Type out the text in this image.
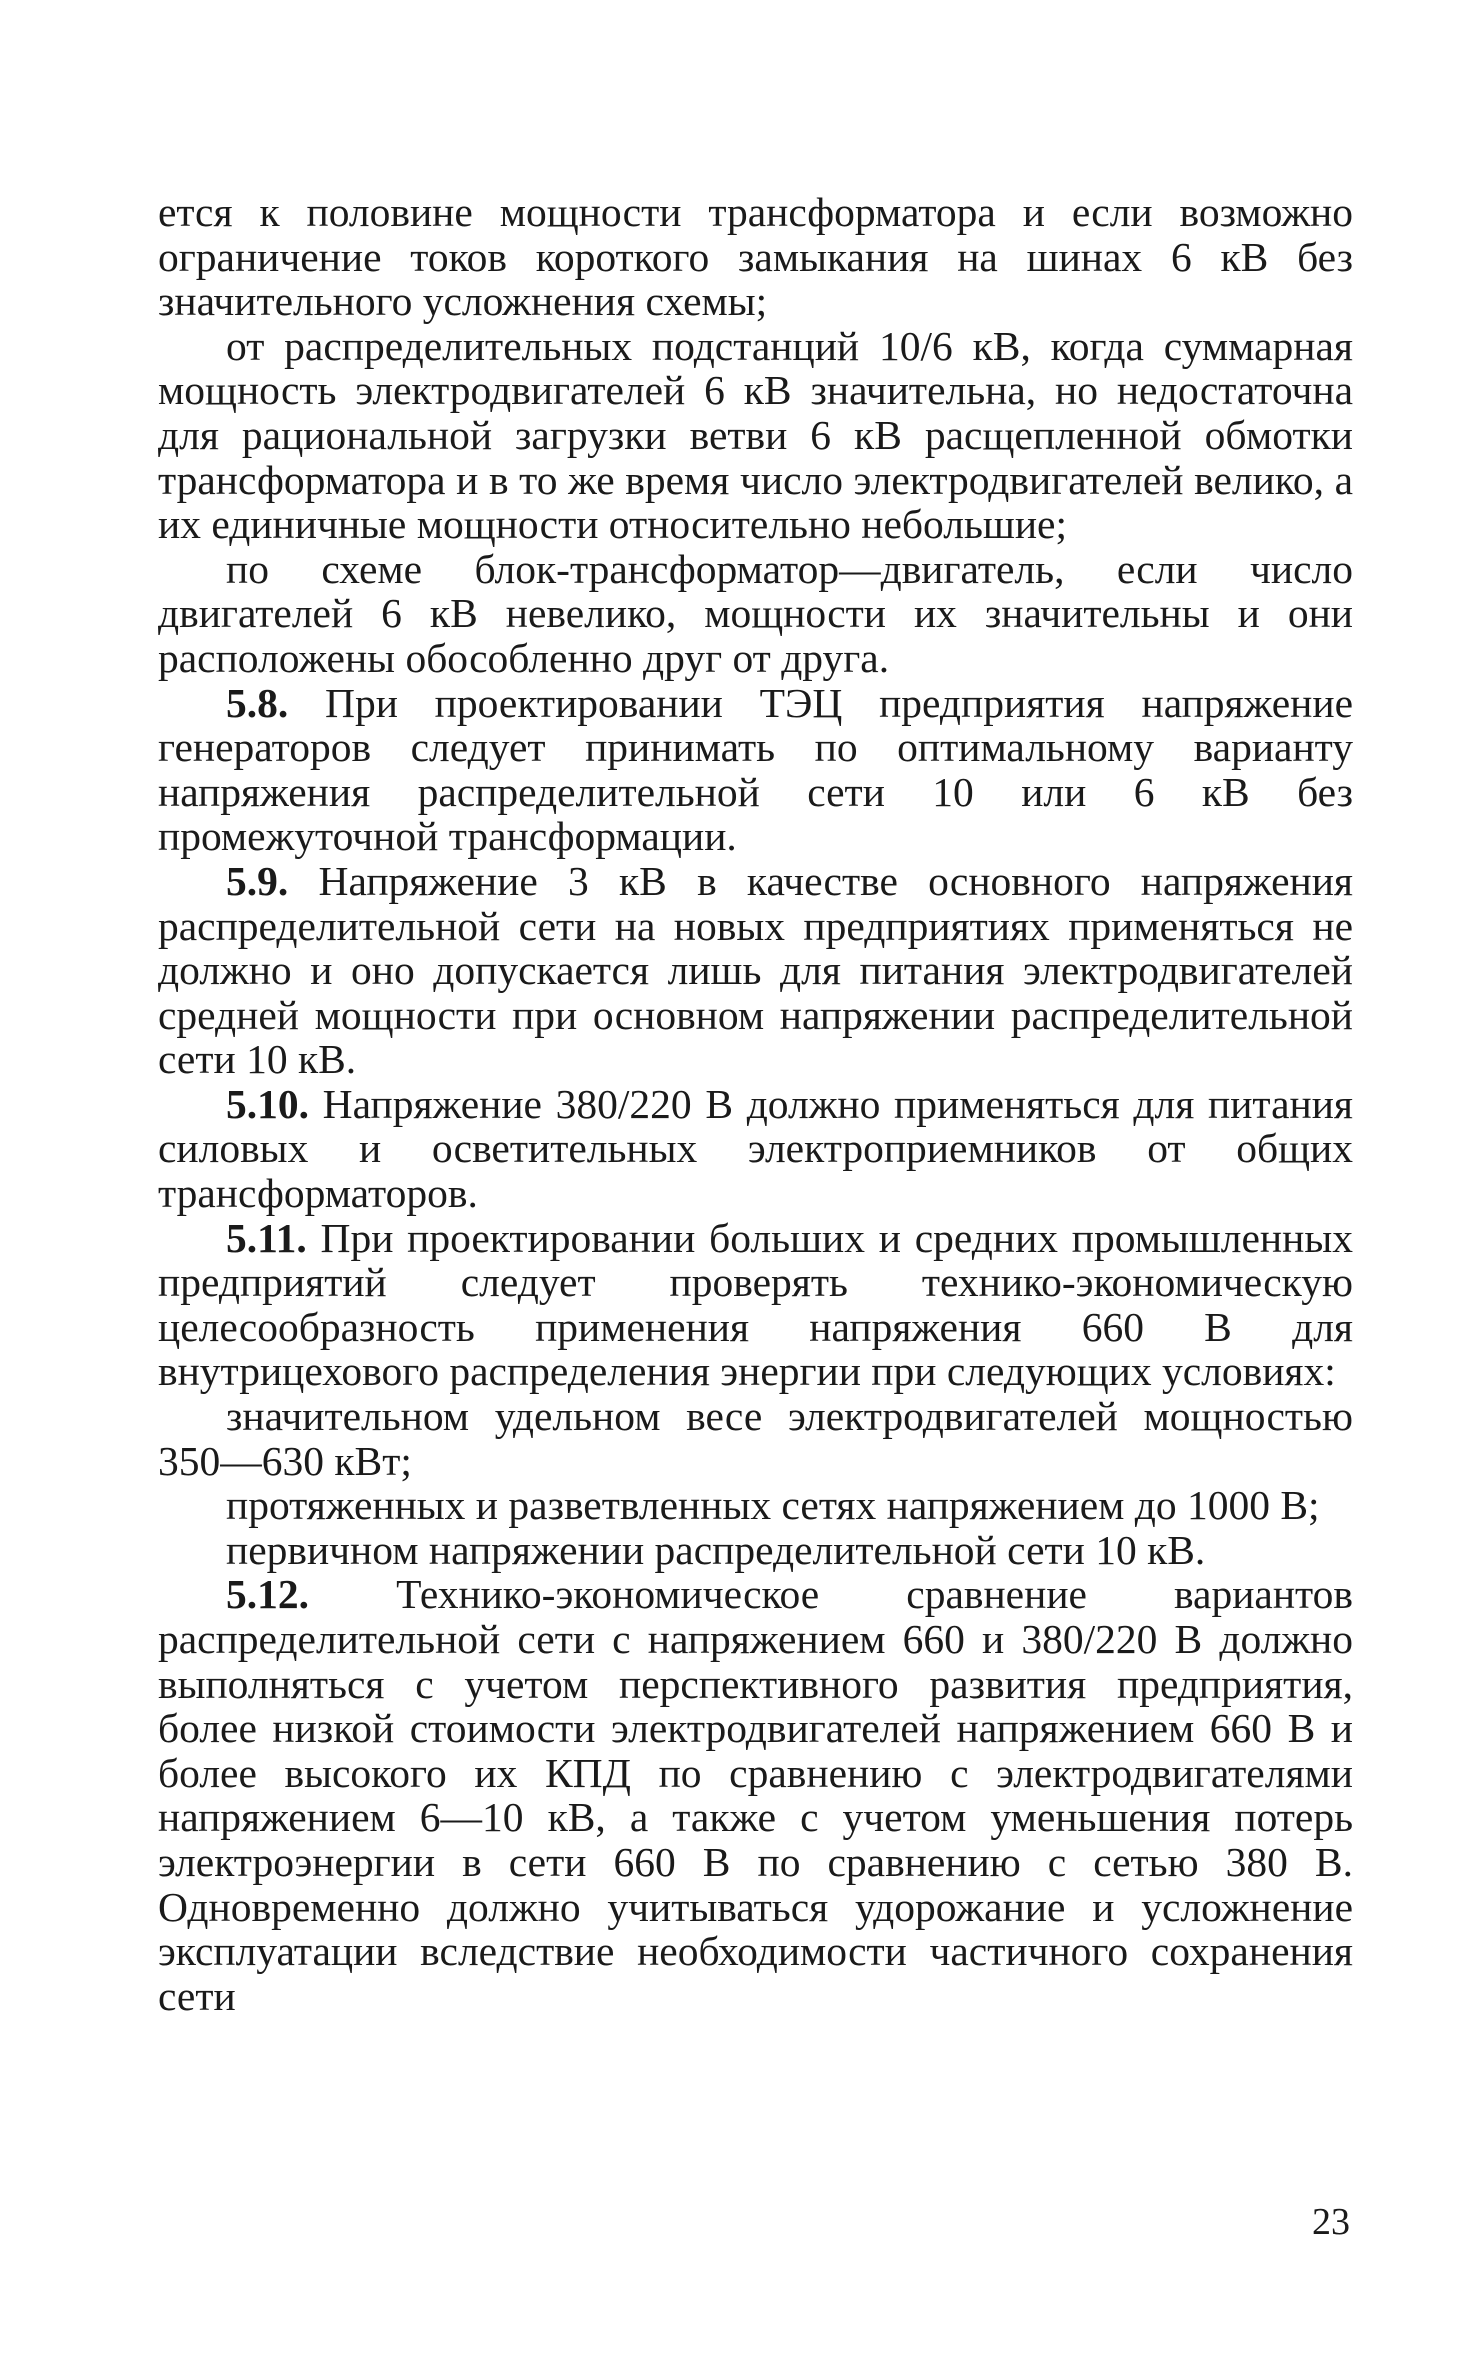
ется к половине мощности трансформатора и если возможно ограничение токов короткого замыкания на шинах 6 кВ без значительного усложнения схемы;

от распределительных подстанций 10/6 кВ, когда суммарная мощность электродвигателей 6 кВ значительна, но недостаточна для рациональной загрузки ветви 6 кВ расщепленной обмотки трансформатора и в то же время число электродвигателей велико, а их единичные мощности относительно небольшие;

по схеме блок-трансформатор—двигатель, если число двигателей 6 кВ невелико, мощности их значительны и они расположены обособленно друг от друга.

5.8. При проектировании ТЭЦ предприятия напряжение генераторов следует принимать по оптимальному варианту напряжения распределительной сети 10 или 6 кВ без промежуточной трансформации.

5.9. Напряжение 3 кВ в качестве основного напряжения распределительной сети на новых предприятиях применяться не должно и оно допускается лишь для питания электродвигателей средней мощности при основном напряжении распределительной сети 10 кВ.

5.10. Напряжение 380/220 В должно применяться для питания силовых и осветительных электроприемников от общих трансформаторов.

5.11. При проектировании больших и средних промышленных предприятий следует проверять технико-экономическую целесообразность применения напряжения 660 В для внутрицехового распределения энергии при следующих условиях:

значительном удельном весе электродвигателей мощностью 350—630 кВт;

протяженных и разветвленных сетях напряжением до 1000 В;

первичном напряжении распределительной сети 10 кВ.

5.12. Технико-экономическое сравнение вариантов распределительной сети с напряжением 660 и 380/220 В должно выполняться с учетом перспективного развития предприятия, более низкой стоимости электродвигателей напряжением 660 В и более высокого их КПД по сравнению с электродвигателями напряжением 6—10 кВ, а также с учетом уменьшения потерь электроэнергии в сети 660 В по сравнению с сетью 380 В. Одновременно должно учитываться удорожание и усложнение эксплуатации вследствие необходимости частичного сохранения сети

23
